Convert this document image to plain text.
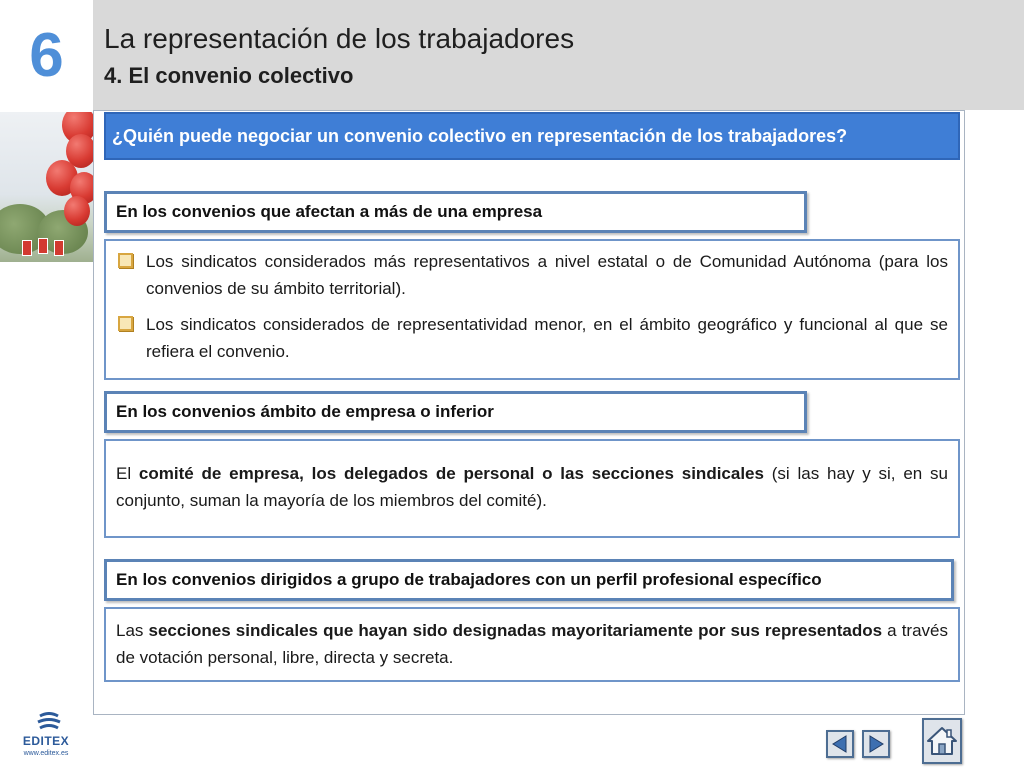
6	La representación de los trabajadores
4. El convenio colectivo
¿Quién puede negociar un convenio colectivo en representación de los trabajadores?
En los convenios que afectan a más de una empresa
Los sindicatos considerados más representativos a nivel estatal o de Comunidad Autónoma (para los convenios de su ámbito territorial).
Los sindicatos considerados de representatividad menor, en el ámbito geográfico y funcional al que se refiera el convenio.
En los convenios ámbito de empresa o inferior

El comité de empresa, los delegados de personal o las secciones sindicales (si las hay y si, en su conjunto, suman la mayoría de los miembros del comité).

En los convenios dirigidos a grupo de trabajadores con un perfil profesional específico

Las secciones sindicales que hayan sido designadas mayoritariamente por sus representados a través de votación personal, libre, directa y secreta.

EDITEX
www.editex.es
